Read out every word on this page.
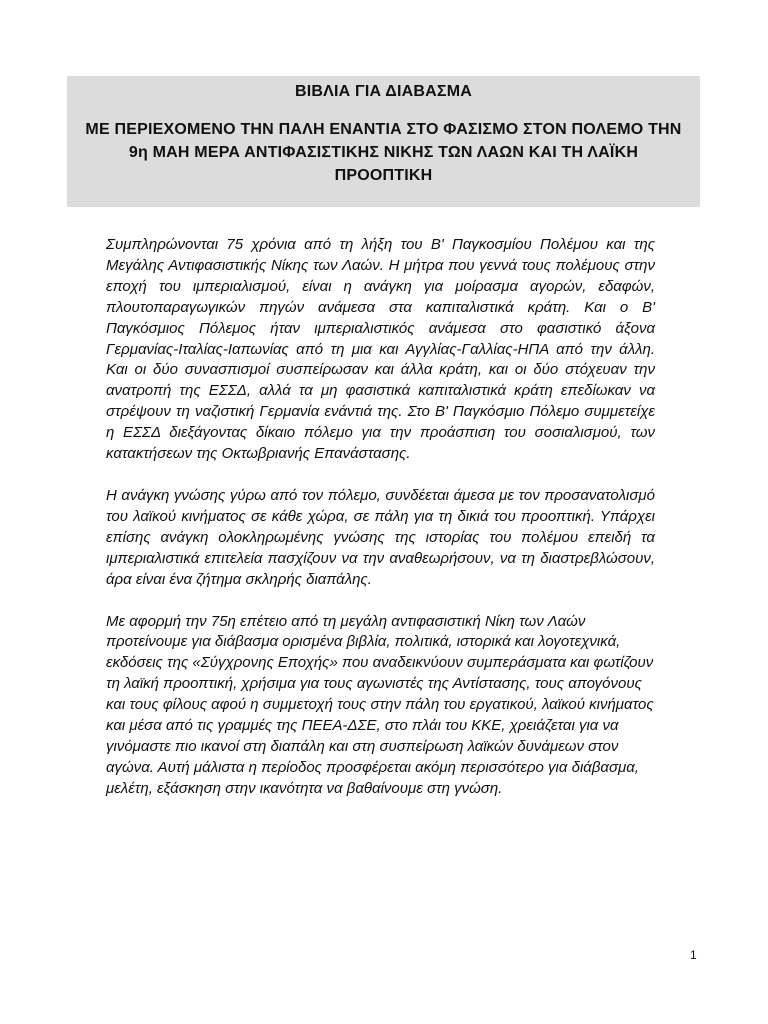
ΒΙΒΛΙΑ ΓΙΑ ΔΙΑΒΑΣΜΑ
ΜΕ ΠΕΡΙΕΧΟΜΕΝΟ ΤΗΝ ΠΑΛΗ ΕΝΑΝΤΙΑ ΣΤΟ ΦΑΣΙΣΜΟ ΣΤΟΝ ΠΟΛΕΜΟ ΤΗΝ 9η ΜΑΗ ΜΕΡΑ ΑΝΤΙΦΑΣΙΣΤΙΚΗΣ ΝΙΚΗΣ ΤΩΝ ΛΑΩΝ ΚΑΙ ΤΗ ΛΑΪΚΗ ΠΡΟΟΠΤΙΚΗ

Συμπληρώνονται 75 χρόνια από τη λήξη του Β' Παγκοσμίου Πολέμου και της Μεγάλης Αντιφασιστικής Νίκης των Λαών. Η μήτρα που γεννά τους πολέμους στην εποχή του ιμπεριαλισμού, είναι η ανάγκη για μοίρασμα αγορών, εδαφών, πλουτοπαραγωγικών πηγών ανάμεσα στα καπιταλιστικά κράτη. Και ο Β' Παγκόσμιος Πόλεμος ήταν ιμπεριαλιστικός ανάμεσα στο φασιστικό άξονα Γερμανίας-Ιταλίας-Ιαπωνίας από τη μια και Αγγλίας-Γαλλίας-ΗΠΑ από την άλλη. Και οι δύο συνασπισμοί συσπείρωσαν και άλλα κράτη, και οι δύο στόχευαν την ανατροπή της ΕΣΣΔ, αλλά τα μη φασιστικά καπιταλιστικά κράτη επεδίωκαν να στρέψουν τη ναζιστική Γερμανία ενάντιά της. Στο Β' Παγκόσμιο Πόλεμο συμμετείχε η ΕΣΣΔ διεξάγοντας δίκαιο πόλεμο για την προάσπιση του σοσιαλισμού, των κατακτήσεων της Οκτωβριανής Επανάστασης.

Η ανάγκη γνώσης γύρω από τον πόλεμο, συνδέεται άμεσα με τον προσανατολισμό του λαϊκού κινήματος σε κάθε χώρα, σε πάλη για τη δικιά του προοπτική. Υπάρχει επίσης ανάγκη ολοκληρωμένης γνώσης της ιστορίας του πολέμου επειδή τα ιμπεριαλιστικά επιτελεία πασχίζουν να την αναθεωρήσουν, να τη διαστρεβλώσουν, άρα είναι ένα ζήτημα σκληρής διαπάλης.

Με αφορμή την 75η επέτειο από τη μεγάλη αντιφασιστική Νίκη των Λαών προτείνουμε για διάβασμα ορισμένα βιβλία, πολιτικά, ιστορικά και λογοτεχνικά, εκδόσεις της «Σύγχρονης Εποχής» που αναδεικνύουν συμπεράσματα και φωτίζουν τη λαϊκή προοπτική, χρήσιμα για τους αγωνιστές της Αντίστασης, τους απογόνους και τους φίλους αφού η συμμετοχή τους στην πάλη του εργατικού, λαϊκού κινήματος και μέσα από τις γραμμές της ΠΕΕΑ-ΔΣΕ, στο πλάι του ΚΚΕ, χρειάζεται για να γινόμαστε πιο ικανοί στη διαπάλη και στη συσπείρωση λαϊκών δυνάμεων στον αγώνα. Αυτή μάλιστα η περίοδος προσφέρεται ακόμη περισσότερο για διάβασμα, μελέτη, εξάσκηση στην ικανότητα να βαθαίνουμε στη γνώση.

1
